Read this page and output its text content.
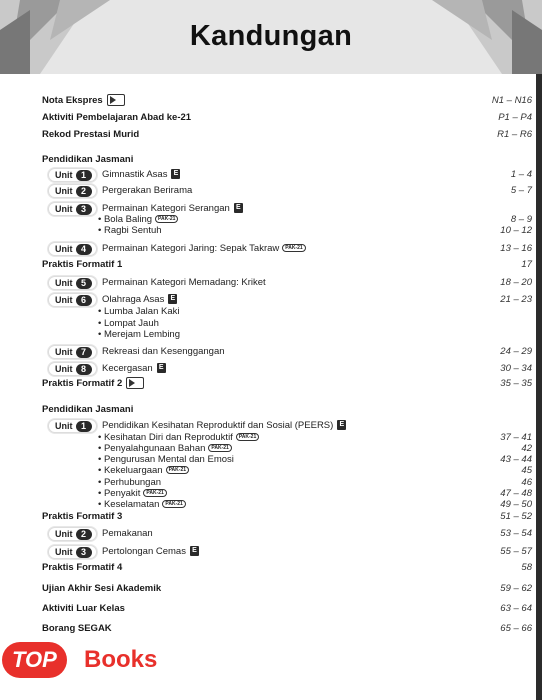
Kandungan
Nota Ekspres	N1 – N16
Aktiviti Pembelajaran Abad ke-21	P1 – P4
Rekod Prestasi Murid	R1 – R6
Pendidikan Jasmani
Unit 1	Gimnastik Asas E	1 – 4
Unit 2	Pergerakan Berirama	5 – 7
Unit 3	Permainan Kategori Serangan E
• Bola Baling PAK-21	8 – 9
• Ragbi Sentuh	10 – 12
Unit 4	Permainan Kategori Jaring: Sepak Takraw PAK-21	13 – 16
Praktis Formatif 1	17
Unit 5	Permainan Kategori Memadang: Kriket	18 – 20
Unit 6	Olahraga Asas E	21 – 23
• Lumba Jalan Kaki
• Lompat Jauh
• Merejam Lembing
Unit 7	Rekreasi dan Kesenggangan	24 – 29
Unit 8	Kecergasan E	30 – 34
Praktis Formatif 2	35 – 35
Pendidikan Jasmani
Unit 1	Pendidikan Kesihatan Reproduktif dan Sosial (PEERS) E
• Kesihatan Diri dan Reproduktif PAK-21	37 – 41
• Penyalahgunaan Bahan PAK-21	42
• Pengurusan Mental dan Emosi	43 – 44
• Kekeluargaan PAK-21	45
• Perhubungan	46
• Penyakit PAK-21	47 – 48
• Keselamatan PAK-21	49 – 50
Praktis Formatif 3	51 – 52
Unit 2	Pemakanan	53 – 54
Unit 3	Pertolongan Cemas E	55 – 57
Praktis Formatif 4	58
Ujian Akhir Sesi Akademik	59 – 62
Aktiviti Luar Kelas	63 – 64
Borang SEGAK	65 – 66
TOP	Books
